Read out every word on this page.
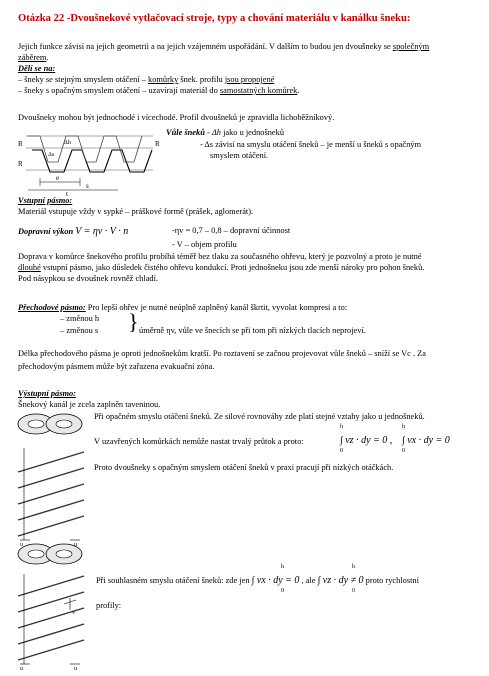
Otázka 22 -Dvoušnekové vytlačovací stroje, typy a chování materiálu v kanálku šneku:
Jejich funkce závisí na jejich geometrii a na jejich vzájemném uspořádání. V dalším to budou jen dvoušneky se společným
záběrem.
Dělí se na:
– šneky se stejným smyslem otáčení – komůrky šnek. profilu jsou propojené
– šneky s opačným smyslem otáčení – uzavírají materiál do samostatných komůrek.
Dvoušneky mohou být jednochodé i vícechodé. Profil dvoušneků je zpravidla lichoběžníkový.
R
R
Δh
Δs
e
s
t
R
Vůle šneků - Δh jako u jednošneků
- Δs závisí na smyslu otáčení šneků – je menší u šneků s opačným
smyslem otáčení.
Vstupní pásmo:
Materiál vstupuje vždy v sypké – práškové formě (prášek, aglomerát).
Dopravní výkon V = ηv · V · n	-ηv = 0,7 – 0,8 – dopravní účinnost
- V – objem profilu
Doprava v komůrce šnekového profilu probíhá téměř bez tlaku za současného ohřevu, který je pozvolný a proto je nutné
dlouhé vstupní pásmo, jako důsledek čistého ohřevu kondukcí. Proti jednošneku jsou zde menší nároky pro pohon šneků.
Pod násypkou se dvoušnek rovněž chladí.
Přechodové pásmo: Pro lepší ohřev je nutné neúplně zaplněný kanál škrtit, vyvolat kompresi a to:
– změnou h
– změnou s } úměrně ηv, vůle ve šnecích se při tom při nízkých tlacích neprojeví.
Délka přechodového pásma je oproti jednošnekům kratší. Po roztavení se začnou projevovat vůle šneků – sníží se Vc . Za
přechodovým pásmem může být zařazena evakuační zóna.
Výstupní pásmo:
Šnekový kanál je zcela zaplněn taveninou.
u	u
Při opačném smyslu otáčení šneků. Ze silové rovnováhy zde platí stejné vztahy jako u jednošneků.
V uzavřených komůrkách nemůže nastat trvalý průtok a proto:	∫ vz · dy = 0 , ∫ vx · dy = 0
h
0
h
0
Proto dvoušneky s opačným smyslem otáčení šneků v praxi pracují při nízkých otáčkách.
v
u	u
Při souhlasném smyslu otáčení šneků: zde jen ∫ vx · dy = 0 , ale ∫ vz · dy ≠ 0 proto rychlostní
h
0
h
0
profily:
